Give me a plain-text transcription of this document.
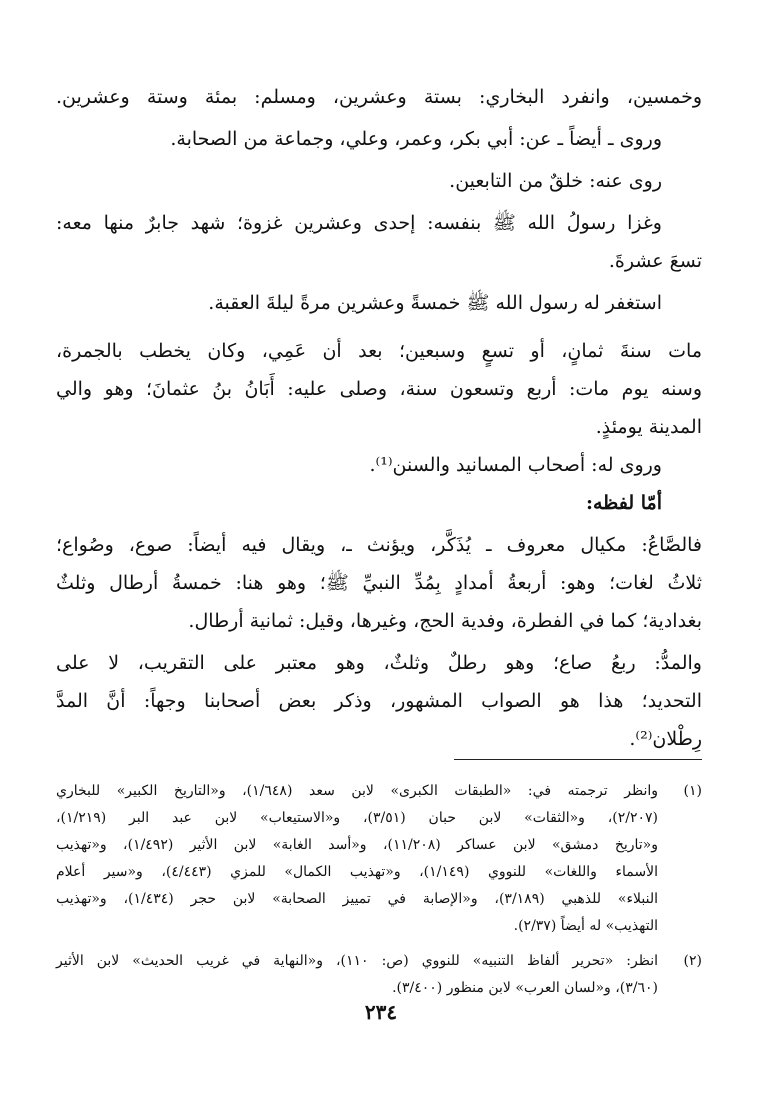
وخمسين، وانفرد البخاري: بستة وعشرين، ومسلم: بمئة وستة وعشرين.
وروى ـ أيضاً ـ عن: أبي بكر، وعمر، وعلي، وجماعة من الصحابة.
روى عنه: خلقٌ من التابعين.
وغزا رسولُ الله ﷺ بنفسه: إحدى وعشرين غزوة؛ شهد جابرٌ منها معه:
تسعَ عشرةَ.
استغفر له رسول الله ﷺ خمسةً وعشرين مرةً ليلةَ العقبة.
مات سنةَ ثمانٍ، أو تسعٍ وسبعين؛ بعد أن عَمِي، وكان يخطب بالجمرة،
وسنه يوم مات: أربع وتسعون سنة، وصلى عليه: أَبَانُ بنُ عثمانَ؛ وهو والي
المدينة يومئذٍ.
وروى له: أصحاب المسانيد والسنن⁽¹⁾.
أمّا لفظه:
فالصَّاعُ: مكيال معروف ـ يُذَكَّر، ويؤنث ـ، ويقال فيه أيضاً: صوع، وصُواع؛
ثلاثُ لغات؛ وهو: أربعةُ أمدادٍ بِمُدِّ النبيِّ ﷺ؛ وهو هنا: خمسةُ أرطال وثلثٌ
بغدادية؛ كما في الفطرة، وفدية الحج، وغيرها، وقيل: ثمانية أرطال.
والمدُّ: ربعُ صاع؛ وهو رطلٌ وثلثٌ، وهو معتبر على التقريب، لا على
التحديد؛ هذا هو الصواب المشهور، وذكر بعض أصحابنا وجهاً: أنَّ المدَّ
رِطْلان⁽²⁾.
(١)
وانظر ترجمته في: «الطبقات الكبرى» لابن سعد (١/٦٤٨)، و«التاريخ الكبير» للبخاري
(٢/٢٠٧)، و«الثقات» لابن حبان (٣/٥١)، و«الاستيعاب» لابن عبد البر (١/٢١٩)،
و«تاريخ دمشق» لابن عساكر (١١/٢٠٨)، و«أسد الغابة» لابن الأثير (١/٤٩٢)، و«تهذيب
الأسماء واللغات» للنووي (١/١٤٩)، و«تهذيب الكمال» للمزي (٤/٤٤٣)، و«سير أعلام
النبلاء» للذهبي (٣/١٨٩)، و«الإصابة في تمييز الصحابة» لابن حجر (١/٤٣٤)، و«تهذيب
التهذيب» له أيضاً (٢/٣٧).
(٢)
انظر: «تحرير ألفاظ التنبيه» للنووي (ص: ١١٠)، و«النهاية في غريب الحديث» لابن الأثير
(٣/٦٠)، و«لسان العرب» لابن منظور (٣/٤٠٠).
٢٣٤
